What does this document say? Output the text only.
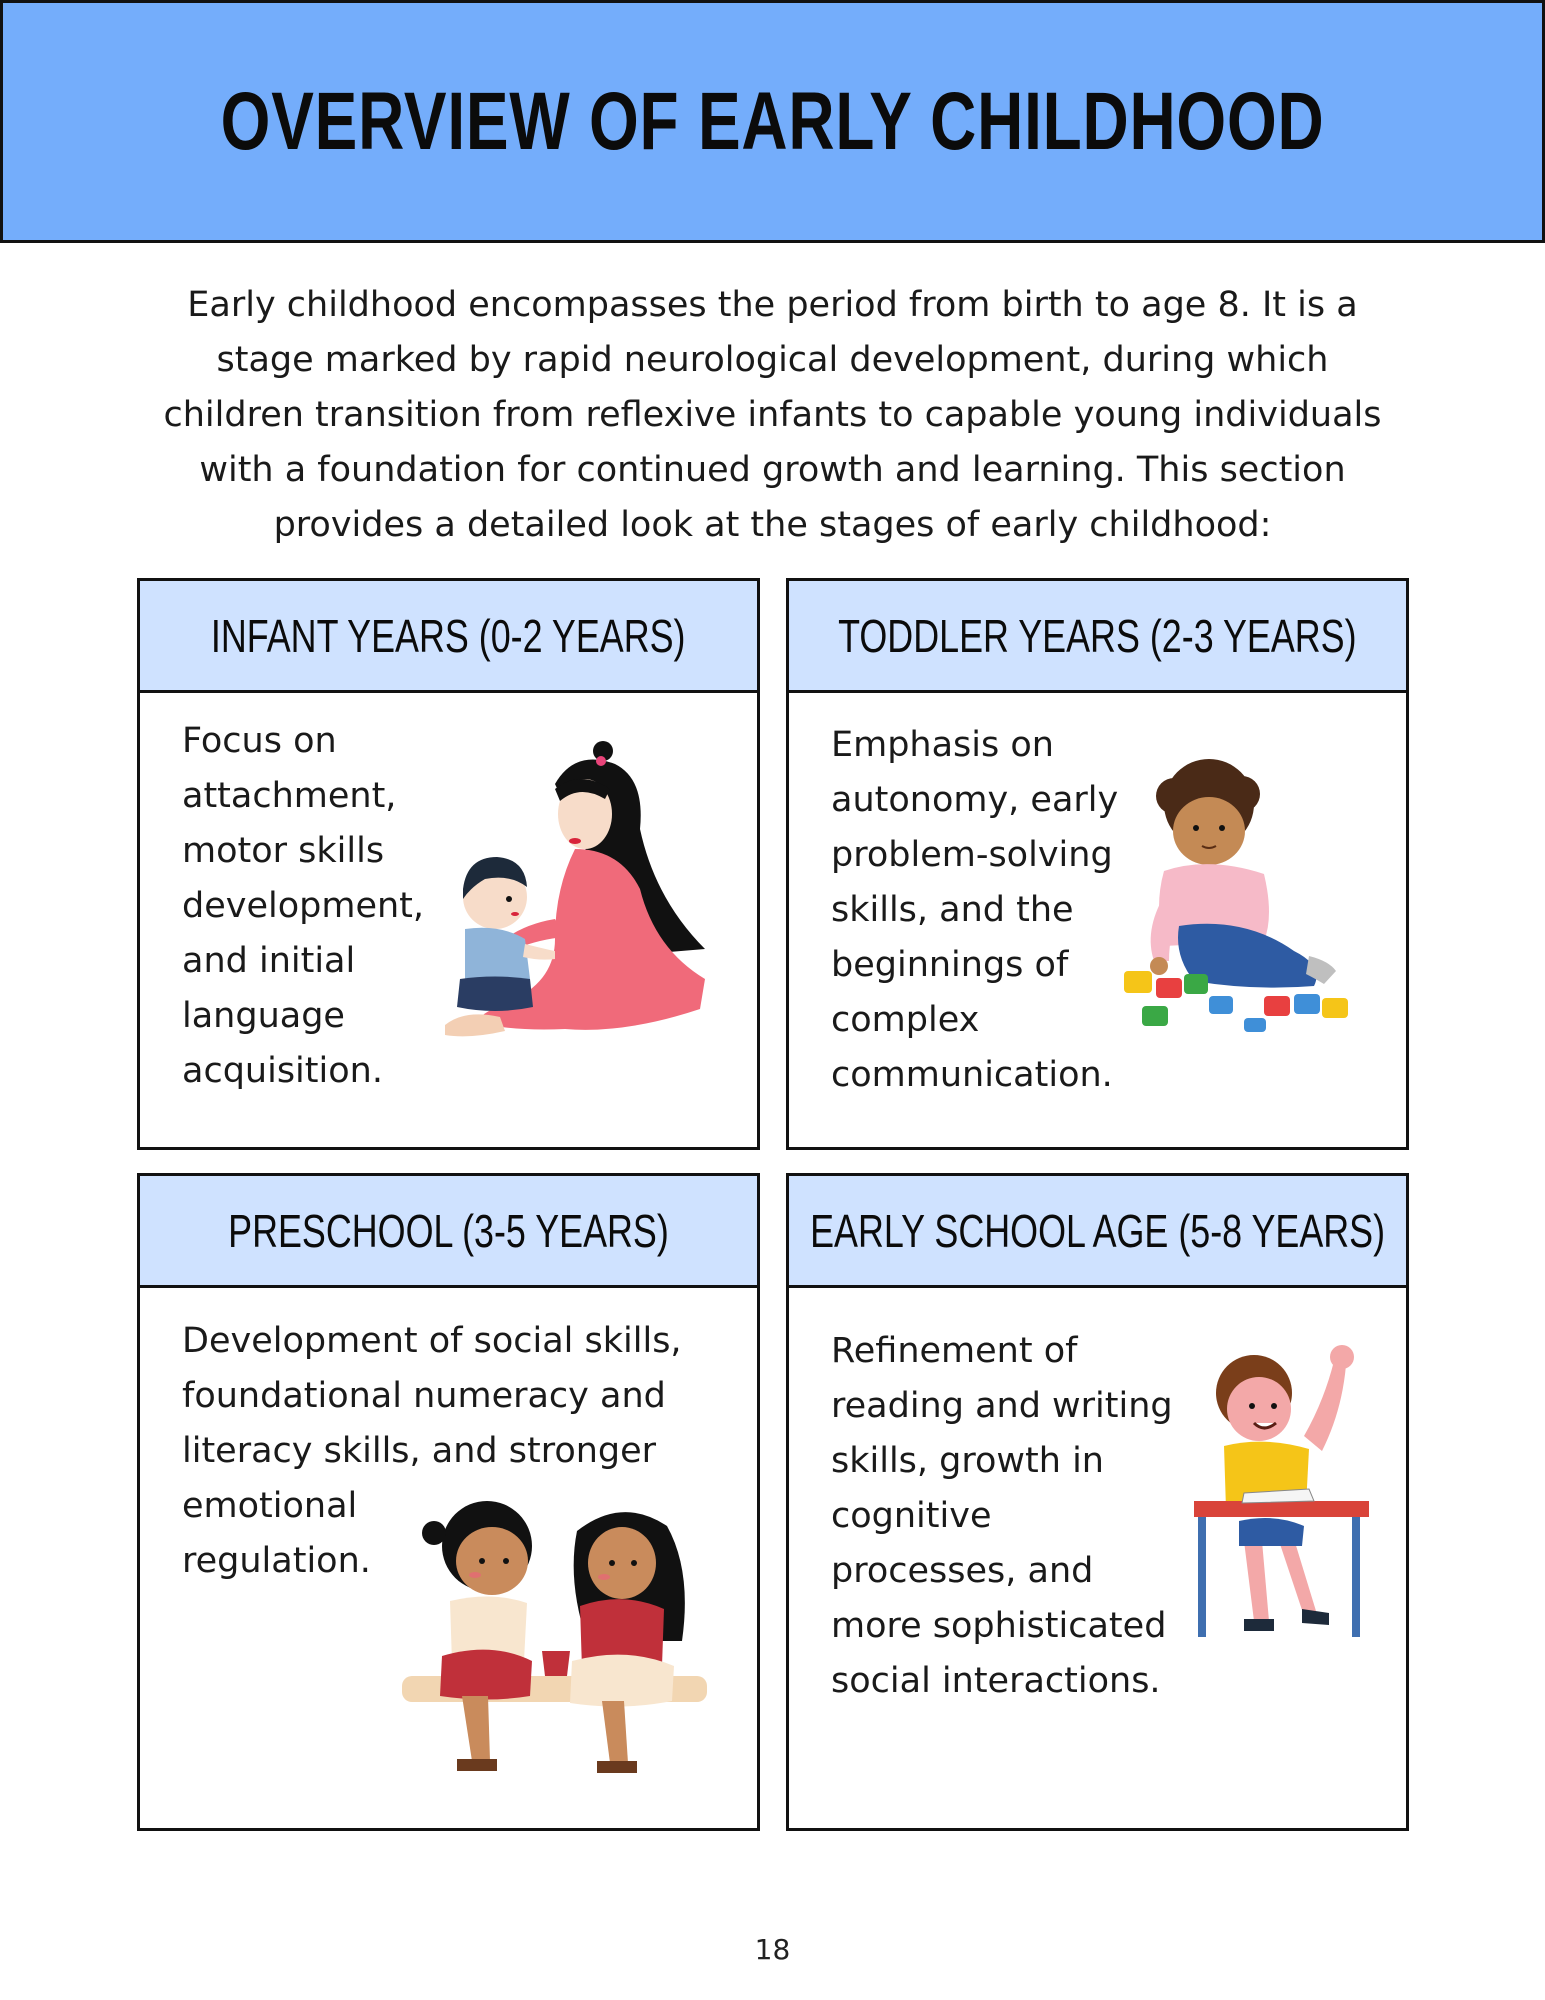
OVERVIEW OF EARLY CHILDHOOD

Early childhood encompasses the period from birth to age 8. It is a stage marked by rapid neurological development, during which children transition from reflexive infants to capable young individuals with a foundation for continued growth and learning. This section provides a detailed look at the stages of early childhood:

INFANT YEARS (0-2 YEARS)

Focus on
attachment,
motor skills
development,
and initial
language
acquisition.

TODDLER YEARS (2-3 YEARS)

Emphasis on
autonomy, early
problem-solving
skills, and the
beginnings of
complex
communication.

PRESCHOOL (3-5 YEARS)

Development of social skills,
foundational numeracy and
literacy skills, and stronger
emotional
regulation.

EARLY SCHOOL AGE (5-8 YEARS)

Refinement of
reading and writing
skills, growth in
cognitive
processes, and
more sophisticated
social interactions.

18
